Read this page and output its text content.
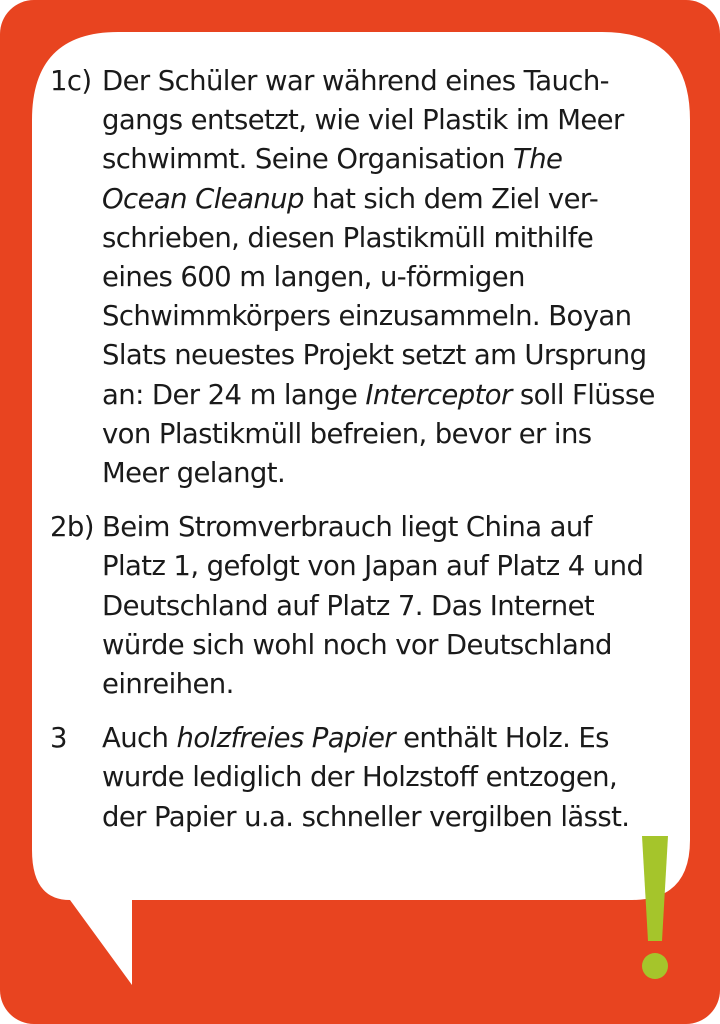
1c) Der Schüler war während eines Tauch-
gangs entsetzt, wie viel Plastik im Meer
schwimmt. Seine Organisation The
Ocean Cleanup hat sich dem Ziel ver-
schrieben, diesen Plastikmüll mithilfe
eines 600 m langen, u-förmigen
Schwimmkörpers einzusammeln. Boyan
Slats neuestes Projekt setzt am Ursprung
an: Der 24 m lange Interceptor soll Flüsse
von Plastikmüll befreien, bevor er ins
Meer gelangt.
2b) Beim Stromverbrauch liegt China auf
Platz 1, gefolgt von Japan auf Platz 4 und
Deutschland auf Platz 7. Das Internet
würde sich wohl noch vor Deutschland
einreihen.
3	Auch holzfreies Papier enthält Holz. Es
wurde lediglich der Holzstoff entzogen,
der Papier u.a. schneller vergilben lässt.
